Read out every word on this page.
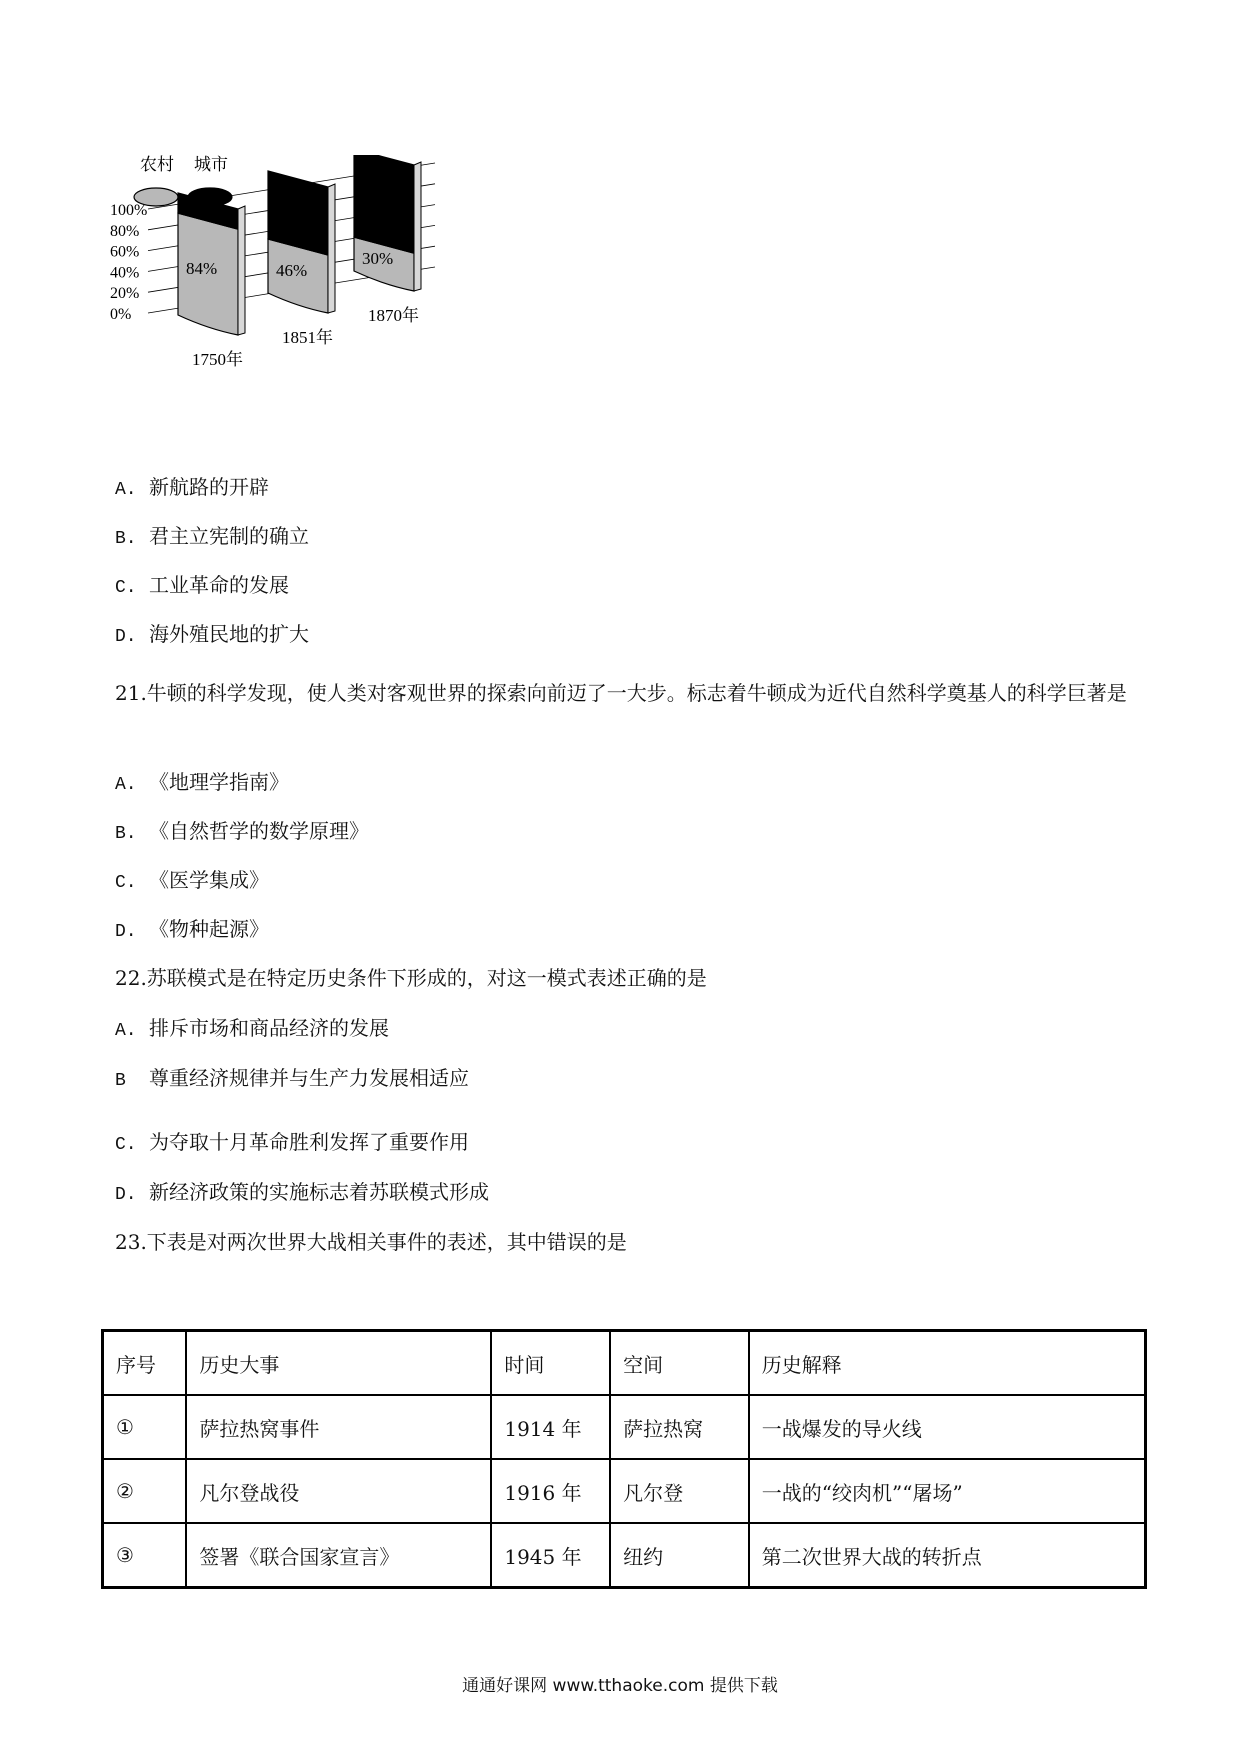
农村 城市
100%
80%
60%
40%
20%
0%
84%
1750年
46%
1851年
30%
1870年
A. 新航路的开辟
B. 君主立宪制的确立
C. 工业革命的发展
D. 海外殖民地的扩大
21.牛顿的科学发现，使人类对客观世界的探索向前迈了一大步。标志着牛顿成为近代自然科学奠基人的科学巨著是
A. 《地理学指南》
B. 《自然哲学的数学原理》
C. 《医学集成》
D. 《物种起源》
22.苏联模式是在特定历史条件下形成的，对这一模式表述正确的是
A. 排斥市场和商品经济的发展
B 尊重经济规律并与生产力发展相适应
C. 为夺取十月革命胜利发挥了重要作用
D. 新经济政策的实施标志着苏联模式形成
23.下表是对两次世界大战相关事件的表述，其中错误的是
序号	历史大事	时间	空间	历史解释
①	萨拉热窝事件	1914 年	萨拉热窝	一战爆发的导火线
②	凡尔登战役	1916 年	凡尔登	一战的“绞肉机”“屠场”
③	签署《联合国家宣言》	1945 年	纽约	第二次世界大战的转折点
通通好课网 www.tthaoke.com 提供下载
